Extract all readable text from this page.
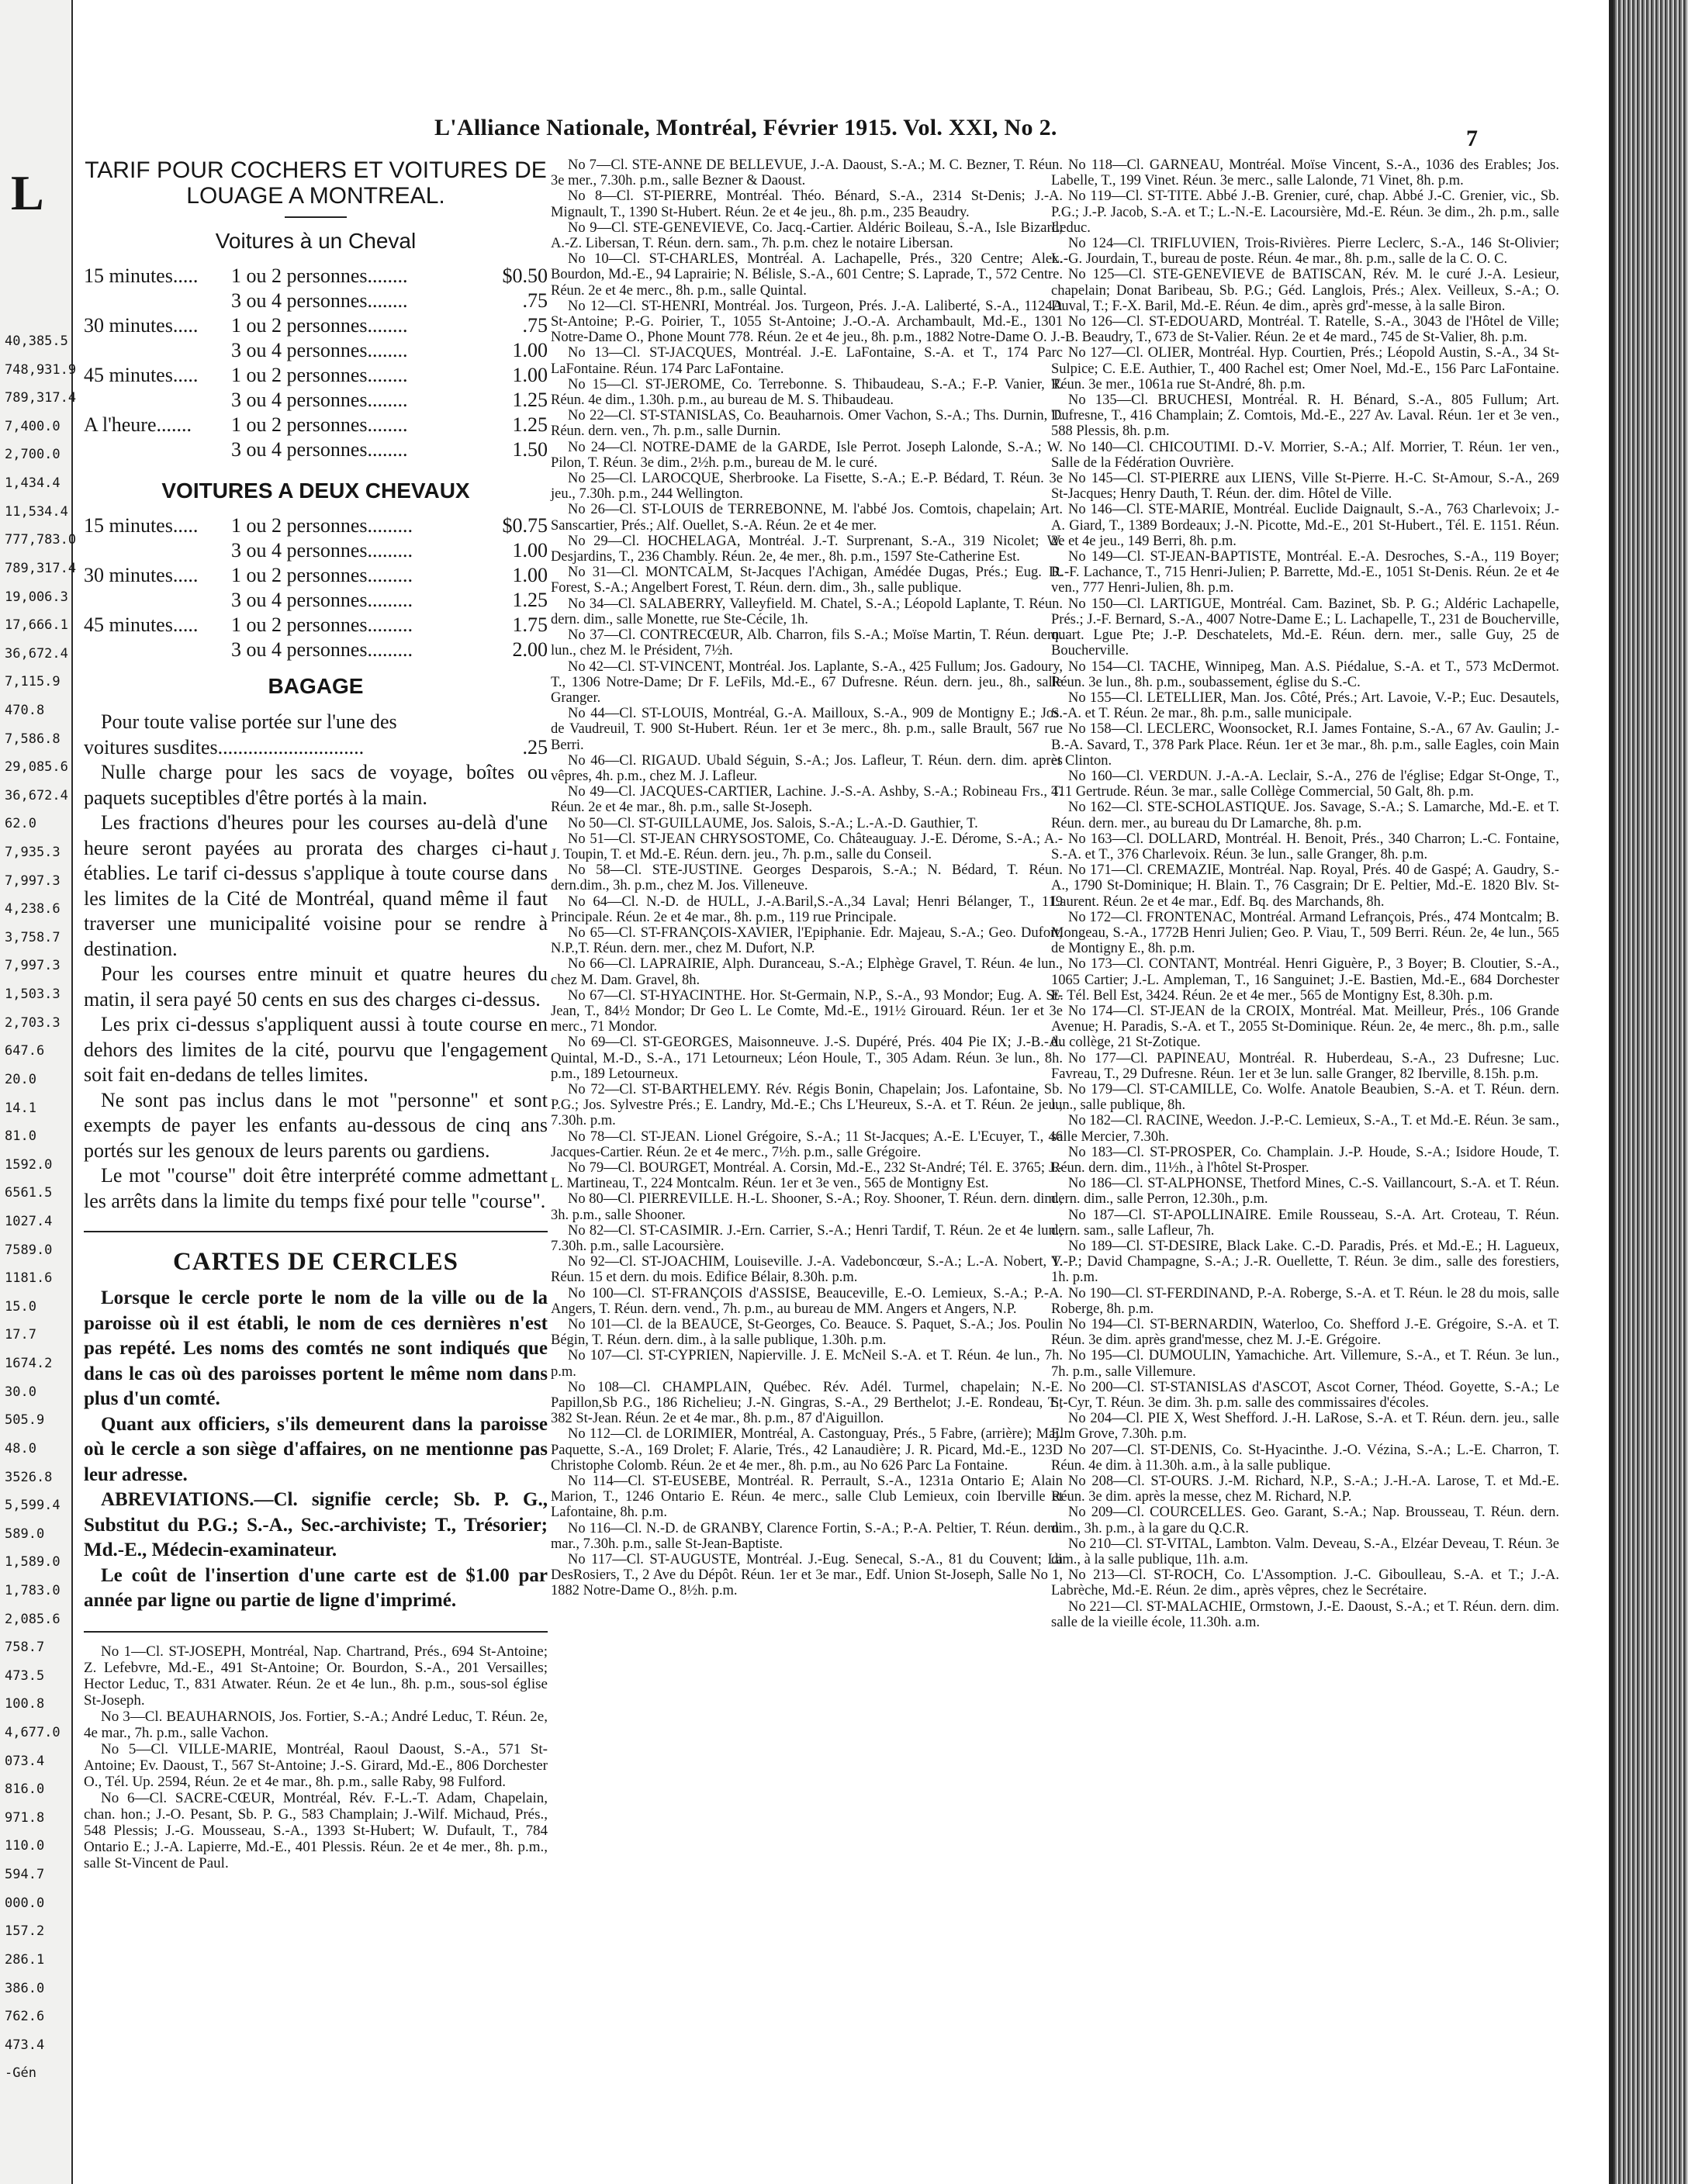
L
40,385.5
748,931.9
789,317.4
7,400.0
2,700.0
1,434.4
11,534.4
777,783.0
789,317.4
19,006.3
17,666.1
36,672.4
7,115.9
470.8
7,586.8
29,085.6
36,672.4
62.0
7,935.3
7,997.3
4,238.6
3,758.7
7,997.3
1,503.3
2,703.3
647.6
20.0
14.1
81.0
1592.0
6561.5
1027.4
7589.0
1181.6
15.0
17.7
1674.2
30.0
505.9
48.0
3526.8
5,599.4
589.0
1,589.0
1,783.0
2,085.6
758.7
473.5
100.8
4,677.0
073.4
816.0
971.8
110.0
594.7
000.0
157.2
286.1
386.0
762.6
473.4
-Gén
L'Alliance Nationale, Montréal, Février 1915. Vol. XXI, No 2.	7

TARIF POUR COCHERS ET VOITURES DE LOUAGE A MONTREAL.

Voitures à un Cheval
15 minutes.....	1 ou 2 personnes........	$0.50
3 ou 4 personnes........	.75
30 minutes.....	1 ou 2 personnes........	.75
3 ou 4 personnes........	1.00
45 minutes.....	1 ou 2 personnes........	1.00
3 ou 4 personnes........	1.25
A l'heure.......	1 ou 2 personnes........	1.25
3 ou 4 personnes........	1.50
VOITURES A DEUX CHEVAUX
15 minutes.....	1 ou 2 personnes.........	$0.75
3 ou 4 personnes.........	1.00
30 minutes.....	1 ou 2 personnes.........	1.00
3 ou 4 personnes.........	1.25
45 minutes.....	1 ou 2 personnes.........	1.75
3 ou 4 personnes.........	2.00
BAGAGE

Pour toute valise portée sur l'une des

voitures susdites.............................	.25

Nulle charge pour les sacs de voyage, boîtes ou paquets suceptibles d'être portés à la main.

Les fractions d'heures pour les courses au-delà d'une heure seront payées au prorata des charges ci-haut établies. Le tarif ci-dessus s'applique à toute course dans les limites de la Cité de Montréal, quand même il faut traverser une municipalité voisine pour se rendre à destination.

Pour les courses entre minuit et quatre heures du matin, il sera payé 50 cents en sus des charges ci-dessus.

Les prix ci-dessus s'appliquent aussi à toute course en dehors des limites de la cité, pourvu que l'engagement soit fait en-dedans de telles limites.

Ne sont pas inclus dans le mot "personne" et sont exempts de payer les enfants au-dessous de cinq ans portés sur les genoux de leurs parents ou gardiens.

Le mot "course" doit être interprété comme admettant les arrêts dans la limite du temps fixé pour telle "course".

CARTES DE CERCLES

Lorsque le cercle porte le nom de la ville ou de la paroisse où il est établi, le nom de ces dernières n'est pas repété. Les noms des comtés ne sont indiqués que dans le cas où des paroisses portent le même nom dans plus d'un comté.

Quant aux officiers, s'ils demeurent dans la paroisse où le cercle a son siège d'affaires, on ne mentionne pas leur adresse.

ABREVIATIONS.—Cl. signifie cercle; Sb. P. G., Substitut du P.G.; S.-A., Sec.-archiviste; T., Trésorier; Md.-E., Médecin-examinateur.

Le coût de l'insertion d'une carte est de $1.00 par année par ligne ou partie de ligne d'imprimé.

No 1—Cl. ST-JOSEPH, Montréal, Nap. Chartrand, Prés., 694 St-Antoine; Z. Lefebvre, Md.-E., 491 St-Antoine; Or. Bourdon, S.-A., 201 Versailles; Hector Leduc, T., 831 Atwater. Réun. 2e et 4e lun., 8h. p.m., sous-sol église St-Joseph.

No 3—Cl. BEAUHARNOIS, Jos. Fortier, S.-A.; André Leduc, T. Réun. 2e, 4e mar., 7h. p.m., salle Vachon.

No 5—Cl. VILLE-MARIE, Montréal, Raoul Daoust, S.-A., 571 St-Antoine; Ev. Daoust, T., 567 St-Antoine; J.-S. Girard, Md.-E., 806 Dorchester O., Tél. Up. 2594, Réun. 2e et 4e mar., 8h. p.m., salle Raby, 98 Fulford.

No 6—Cl. SACRE-CŒUR, Montréal, Rév. F.-L.-T. Adam, Chapelain, chan. hon.; J.-O. Pesant, Sb. P. G., 583 Champlain; J.-Wilf. Michaud, Prés., 548 Plessis; J.-G. Mousseau, S.-A., 1393 St-Hubert; W. Dufault, T., 784 Ontario E.; J.-A. Lapierre, Md.-E., 401 Plessis. Réun. 2e et 4e mer., 8h. p.m., salle St-Vincent de Paul.

No 7—Cl. STE-ANNE DE BELLEVUE, J.-A. Daoust, S.-A.; M. C. Bezner, T. Réun. 3e mer., 7.30h. p.m., salle Bezner & Daoust.

No 8—Cl. ST-PIERRE, Montréal. Théo. Bénard, S.-A., 2314 St-Denis; J.-A. Mignault, T., 1390 St-Hubert. Réun. 2e et 4e jeu., 8h. p.m., 235 Beaudry.

No 9—Cl. STE-GENEVIEVE, Co. Jacq.-Cartier. Aldéric Boileau, S.-A., Isle Bizard; A.-Z. Libersan, T. Réun. dern. sam., 7h. p.m. chez le notaire Libersan.

No 10—Cl. ST-CHARLES, Montréal. A. Lachapelle, Prés., 320 Centre; Alex. Bourdon, Md.-E., 94 Laprairie; N. Bélisle, S.-A., 601 Centre; S. Laprade, T., 572 Centre. Réun. 2e et 4e merc., 8h. p.m., salle Quintal.

No 12—Cl. ST-HENRI, Montréal. Jos. Turgeon, Prés. J.-A. Laliberté, S.-A., 1124A St-Antoine; P.-G. Poirier, T., 1055 St-Antoine; J.-O.-A. Archambault, Md.-E., 1301 Notre-Dame O., Phone Mount 778. Réun. 2e et 4e jeu., 8h. p.m., 1882 Notre-Dame O.

No 13—Cl. ST-JACQUES, Montréal. J.-E. LaFontaine, S.-A. et T., 174 Parc LaFontaine. Réun. 174 Parc LaFontaine.

No 15—Cl. ST-JEROME, Co. Terrebonne. S. Thibaudeau, S.-A.; F.-P. Vanier, T. Réun. 4e dim., 1.30h. p.m., au bureau de M. S. Thibaudeau.

No 22—Cl. ST-STANISLAS, Co. Beauharnois. Omer Vachon, S.-A.; Ths. Durnin, T. Réun. dern. ven., 7h. p.m., salle Durnin.

No 24—Cl. NOTRE-DAME de la GARDE, Isle Perrot. Joseph Lalonde, S.-A.; W. Pilon, T. Réun. 3e dim., 2½h. p.m., bureau de M. le curé.

No 25—Cl. LAROCQUE, Sherbrooke. La Fisette, S.-A.; E.-P. Bédard, T. Réun. 3e jeu., 7.30h. p.m., 244 Wellington.

No 26—Cl. ST-LOUIS de TERREBONNE, M. l'abbé Jos. Comtois, chapelain; Art. Sanscartier, Prés.; Alf. Ouellet, S.-A. Réun. 2e et 4e mer.

No 29—Cl. HOCHELAGA, Montréal. J.-T. Surprenant, S.-A., 319 Nicolet; W. Desjardins, T., 236 Chambly. Réun. 2e, 4e mer., 8h. p.m., 1597 Ste-Catherine Est.

No 31—Cl. MONTCALM, St-Jacques l'Achigan, Amédée Dugas, Prés.; Eug. D. Forest, S.-A.; Angelbert Forest, T. Réun. dern. dim., 3h., salle publique.

No 34—Cl. SALABERRY, Valleyfield. M. Chatel, S.-A.; Léopold Laplante, T. Réun. dern. dim., salle Monette, rue Ste-Cécile, 1h.

No 37—Cl. CONTRECŒUR, Alb. Charron, fils S.-A.; Moïse Martin, T. Réun. dern. lun., chez M. le Président, 7½h.

No 42—Cl. ST-VINCENT, Montréal. Jos. Laplante, S.-A., 425 Fullum; Jos. Gadoury, T., 1306 Notre-Dame; Dr F. LeFils, Md.-E., 67 Dufresne. Réun. dern. jeu., 8h., salle Granger.

No 44—Cl. ST-LOUIS, Montréal, G.-A. Mailloux, S.-A., 909 de Montigny E.; Jos. de Vaudreuil, T. 900 St-Hubert. Réun. 1er et 3e merc., 8h. p.m., salle Brault, 567 rue Berri.

No 46—Cl. RIGAUD. Ubald Séguin, S.-A.; Jos. Lafleur, T. Réun. dern. dim. après vêpres, 4h. p.m., chez M. J. Lafleur.

No 49—Cl. JACQUES-CARTIER, Lachine. J.-S.-A. Ashby, S.-A.; Robineau Frs., T. Réun. 2e et 4e mar., 8h. p.m., salle St-Joseph.

No 50—Cl. ST-GUILLAUME, Jos. Salois, S.-A.; L.-A.-D. Gauthier, T.

No 51—Cl. ST-JEAN CHRYSOSTOME, Co. Châteauguay. J.-E. Dérome, S.-A.; A.-J. Toupin, T. et Md.-E. Réun. dern. jeu., 7h. p.m., salle du Conseil.

No 58—Cl. STE-JUSTINE. Georges Desparois, S.-A.; N. Bédard, T. Réun. dern.dim., 3h. p.m., chez M. Jos. Villeneuve.

No 64—Cl. N.-D. de HULL, J.-A.Baril,S.-A.,34 Laval; Henri Bélanger, T., 119 Principale. Réun. 2e et 4e mar., 8h. p.m., 119 rue Principale.

No 65—Cl. ST-FRANÇOIS-XAVIER, l'Epiphanie. Edr. Majeau, S.-A.; Geo. Dufort, N.P.,T. Réun. dern. mer., chez M. Dufort, N.P.

No 66—Cl. LAPRAIRIE, Alph. Duranceau, S.-A.; Elphège Gravel, T. Réun. 4e lun., chez M. Dam. Gravel, 8h.

No 67—Cl. ST-HYACINTHE. Hor. St-Germain, N.P., S.-A., 93 Mondor; Eug. A. St-Jean, T., 84½ Mondor; Dr Geo L. Le Comte, Md.-E., 191½ Girouard. Réun. 1er et 3e merc., 71 Mondor.

No 69—Cl. ST-GEORGES, Maisonneuve. J.-S. Dupéré, Prés. 404 Pie IX; J.-B.-A. Quintal, M.-D., S.-A., 171 Letourneux; Léon Houle, T., 305 Adam. Réun. 3e lun., 8h. p.m., 189 Letourneux.

No 72—Cl. ST-BARTHELEMY. Rév. Régis Bonin, Chapelain; Jos. Lafontaine, Sb. P.G.; Jos. Sylvestre Prés.; E. Landry, Md.-E.; Chs L'Heureux, S.-A. et T. Réun. 2e jeu., 7.30h. p.m.

No 78—Cl. ST-JEAN. Lionel Grégoire, S.-A.; 11 St-Jacques; A.-E. L'Ecuyer, T., 46 Jacques-Cartier. Réun. 2e et 4e merc., 7½h. p.m., salle Grégoire.

No 79—Cl. BOURGET, Montréal. A. Corsin, Md.-E., 232 St-André; Tél. E. 3765; J.-L. Martineau, T., 224 Montcalm. Réun. 1er et 3e ven., 565 de Montigny Est.

No 80—Cl. PIERREVILLE. H.-L. Shooner, S.-A.; Roy. Shooner, T. Réun. dern. dim., 3h. p.m., salle Shooner.

No 82—Cl. ST-CASIMIR. J.-Ern. Carrier, S.-A.; Henri Tardif, T. Réun. 2e et 4e lun., 7.30h. p.m., salle Lacoursière.

No 92—Cl. ST-JOACHIM, Louiseville. J.-A. Vadeboncœur, S.-A.; L.-A. Nobert, T. Réun. 15 et dern. du mois. Edifice Bélair, 8.30h. p.m.

No 100—Cl. ST-FRANÇOIS d'ASSISE, Beauceville, E.-O. Lemieux, S.-A.; P.-A. Angers, T. Réun. dern. vend., 7h. p.m., au bureau de MM. Angers et Angers, N.P.

No 101—Cl. de la BEAUCE, St-Georges, Co. Beauce. S. Paquet, S.-A.; Jos. Poulin Bégin, T. Réun. dern. dim., à la salle publique, 1.30h. p.m.

No 107—Cl. ST-CYPRIEN, Napierville. J. E. McNeil S.-A. et T. Réun. 4e lun., 7h. p.m.

No 108—Cl. CHAMPLAIN, Québec. Rév. Adél. Turmel, chapelain; N.-E. Papillon,Sb P.G., 186 Richelieu; J.-N. Gingras, S.-A., 29 Berthelot; J.-E. Rondeau, T., 382 St-Jean. Réun. 2e et 4e mar., 8h. p.m., 87 d'Aiguillon.

No 112—Cl. de LORIMIER, Montréal, A. Castonguay, Prés., 5 Fabre, (arrière); Maj. Paquette, S.-A., 169 Drolet; F. Alarie, Trés., 42 Lanaudière; J. R. Picard, Md.-E., 123D Christophe Colomb. Réun. 2e et 4e mer., 8h. p.m., au No 626 Parc La Fontaine.

No 114—Cl. ST-EUSEBE, Montréal. R. Perrault, S.-A., 1231a Ontario E; Alain Marion, T., 1246 Ontario E. Réun. 4e merc., salle Club Lemieux, coin Iberville et Lafontaine, 8h. p.m.

No 116—Cl. N.-D. de GRANBY, Clarence Fortin, S.-A.; P.-A. Peltier, T. Réun. dern. mar., 7.30h. p.m., salle St-Jean-Baptiste.

No 117—Cl. ST-AUGUSTE, Montréal. J.-Eug. Senecal, S.-A., 81 du Couvent; La DesRosiers, T., 2 Ave du Dépôt. Réun. 1er et 3e mar., Edf. Union St-Joseph, Salle No 1, 1882 Notre-Dame O., 8½h. p.m.

No 118—Cl. GARNEAU, Montréal. Moïse Vincent, S.-A., 1036 des Erables; Jos. Labelle, T., 199 Vinet. Réun. 3e merc., salle Lalonde, 71 Vinet, 8h. p.m.

No 119—Cl. ST-TITE. Abbé J.-B. Grenier, curé, chap. Abbé J.-C. Grenier, vic., Sb. P.G.; J.-P. Jacob, S.-A. et T.; L.-N.-E. Lacoursière, Md.-E. Réun. 3e dim., 2h. p.m., salle Leduc.

No 124—Cl. TRIFLUVIEN, Trois-Rivières. Pierre Leclerc, S.-A., 146 St-Olivier; L.-G. Jourdain, T., bureau de poste. Réun. 4e mar., 8h. p.m., salle de la C. O. C.

No 125—Cl. STE-GENEVIEVE de BATISCAN, Rév. M. le curé J.-A. Lesieur, chapelain; Donat Baribeau, Sb. P.G.; Géd. Langlois, Prés.; Alex. Veilleux, S.-A.; O. Duval, T.; F.-X. Baril, Md.-E. Réun. 4e dim., après grd'-messe, à la salle Biron.

No 126—Cl. ST-EDOUARD, Montréal. T. Ratelle, S.-A., 3043 de l'Hôtel de Ville; J.-B. Beaudry, T., 673 de St-Valier. Réun. 2e et 4e mard., 745 de St-Valier, 8h. p.m.

No 127—Cl. OLIER, Montréal. Hyp. Courtien, Prés.; Léopold Austin, S.-A., 34 St-Sulpice; C. E.E. Authier, T., 400 Rachel est; Omer Noel, Md.-E., 156 Parc LaFontaine. Réun. 3e mer., 1061a rue St-André, 8h. p.m.

No 135—Cl. BRUCHESI, Montréal. R. H. Bénard, S.-A., 805 Fullum; Art. Dufresne, T., 416 Champlain; Z. Comtois, Md.-E., 227 Av. Laval. Réun. 1er et 3e ven., 588 Plessis, 8h. p.m.

No 140—Cl. CHICOUTIMI. D.-V. Morrier, S.-A.; Alf. Morrier, T. Réun. 1er ven., Salle de la Fédération Ouvrière.

No 145—Cl. ST-PIERRE aux LIENS, Ville St-Pierre. H.-C. St-Amour, S.-A., 269 St-Jacques; Henry Dauth, T. Réun. der. dim. Hôtel de Ville.

No 146—Cl. STE-MARIE, Montréal. Euclide Daignault, S.-A., 763 Charlevoix; J.-A. Giard, T., 1389 Bordeaux; J.-N. Picotte, Md.-E., 201 St-Hubert., Tél. E. 1151. Réun. 2e et 4e jeu., 149 Berri, 8h. p.m.

No 149—Cl. ST-JEAN-BAPTISTE, Montréal. E.-A. Desroches, S.-A., 119 Boyer; R.-F. Lachance, T., 715 Henri-Julien; P. Barrette, Md.-E., 1051 St-Denis. Réun. 2e et 4e ven., 777 Henri-Julien, 8h. p.m.

No 150—Cl. LARTIGUE, Montréal. Cam. Bazinet, Sb. P. G.; Aldéric Lachapelle, Prés.; J.-F. Bernard, S.-A., 4007 Notre-Dame E.; L. Lachapelle, T., 231 de Boucherville, quart. Lgue Pte; J.-P. Deschatelets, Md.-E. Réun. dern. mer., salle Guy, 25 de Boucherville.

No 154—Cl. TACHE, Winnipeg, Man. A.S. Piédalue, S.-A. et T., 573 McDermot. Réun. 3e lun., 8h. p.m., soubassement, église du S.-C.

No 155—Cl. LETELLIER, Man. Jos. Côté, Prés.; Art. Lavoie, V.-P.; Euc. Desautels, S.-A. et T. Réun. 2e mar., 8h. p.m., salle municipale.

No 158—Cl. LECLERC, Woonsocket, R.I. James Fontaine, S.-A., 67 Av. Gaulin; J.-B.-A. Savard, T., 378 Park Place. Réun. 1er et 3e mar., 8h. p.m., salle Eagles, coin Main et Clinton.

No 160—Cl. VERDUN. J.-A.-A. Leclair, S.-A., 276 de l'église; Edgar St-Onge, T., 411 Gertrude. Réun. 3e mar., salle Collège Commercial, 50 Galt, 8h. p.m.

No 162—Cl. STE-SCHOLASTIQUE. Jos. Savage, S.-A.; S. Lamarche, Md.-E. et T. Réun. dern. mer., au bureau du Dr Lamarche, 8h. p.m.

No 163—Cl. DOLLARD, Montréal. H. Benoit, Prés., 340 Charron; L.-C. Fontaine, S.-A. et T., 376 Charlevoix. Réun. 3e lun., salle Granger, 8h. p.m.

No 171—Cl. CREMAZIE, Montréal. Nap. Royal, Prés. 40 de Gaspé; A. Gaudry, S.-A., 1790 St-Dominique; H. Blain. T., 76 Casgrain; Dr E. Peltier, Md.-E. 1820 Blv. St-Laurent. Réun. 2e et 4e mar., Edf. Bq. des Marchands, 8h.

No 172—Cl. FRONTENAC, Montréal. Armand Lefrançois, Prés., 474 Montcalm; B. Mongeau, S.-A., 1772B Henri Julien; Geo. P. Viau, T., 509 Berri. Réun. 2e, 4e lun., 565 de Montigny E., 8h. p.m.

No 173—Cl. CONTANT, Montréal. Henri Giguère, P., 3 Boyer; B. Cloutier, S.-A., 1065 Cartier; J.-L. Ampleman, T., 16 Sanguinet; J.-E. Bastien, Md.-E., 684 Dorchester E. Tél. Bell Est, 3424. Réun. 2e et 4e mer., 565 de Montigny Est, 8.30h. p.m.

No 174—Cl. ST-JEAN de la CROIX, Montréal. Mat. Meilleur, Prés., 106 Grande Avenue; H. Paradis, S.-A. et T., 2055 St-Dominique. Réun. 2e, 4e merc., 8h. p.m., salle du collège, 21 St-Zotique.

No 177—Cl. PAPINEAU, Montréal. R. Huberdeau, S.-A., 23 Dufresne; Luc. Favreau, T., 29 Dufresne. Réun. 1er et 3e lun. salle Granger, 82 Iberville, 8.15h. p.m.

No 179—Cl. ST-CAMILLE, Co. Wolfe. Anatole Beaubien, S.-A. et T. Réun. dern. lun., salle publique, 8h.

No 182—Cl. RACINE, Weedon. J.-P.-C. Lemieux, S.-A., T. et Md.-E. Réun. 3e sam., salle Mercier, 7.30h.

No 183—Cl. ST-PROSPER, Co. Champlain. J.-P. Houde, S.-A.; Isidore Houde, T. Réun. dern. dim., 11½h., à l'hôtel St-Prosper.

No 186—Cl. ST-ALPHONSE, Thetford Mines, C.-S. Vaillancourt, S.-A. et T. Réun. dern. dim., salle Perron, 12.30h., p.m.

No 187—Cl. ST-APOLLINAIRE. Emile Rousseau, S.-A. Art. Croteau, T. Réun. dern. sam., salle Lafleur, 7h.

No 189—Cl. ST-DESIRE, Black Lake. C.-D. Paradis, Prés. et Md.-E.; H. Lagueux, V.-P.; David Champagne, S.-A.; J.-R. Ouellette, T. Réun. 3e dim., salle des forestiers, 1h. p.m.

No 190—Cl. ST-FERDINAND, P.-A. Roberge, S.-A. et T. Réun. le 28 du mois, salle Roberge, 8h. p.m.

No 194—Cl. ST-BERNARDIN, Waterloo, Co. Shefford J.-E. Grégoire, S.-A. et T. Réun. 3e dim. après grand'messe, chez M. J.-E. Grégoire.

No 195—Cl. DUMOULIN, Yamachiche. Art. Villemure, S.-A., et T. Réun. 3e lun., 7h. p.m., salle Villemure.

No 200—Cl. ST-STANISLAS d'ASCOT, Ascot Corner, Théod. Goyette, S.-A.; Le St-Cyr, T. Réun. 3e dim. 3h. p.m. salle des commissaires d'écoles.

No 204—Cl. PIE X, West Shefford. J.-H. LaRose, S.-A. et T. Réun. dern. jeu., salle Elm Grove, 7.30h. p.m.

No 207—Cl. ST-DENIS, Co. St-Hyacinthe. J.-O. Vézina, S.-A.; L.-E. Charron, T. Réun. 4e dim. à 11.30h. a.m., à la salle publique.

No 208—Cl. ST-OURS. J.-M. Richard, N.P., S.-A.; J.-H.-A. Larose, T. et Md.-E. Réun. 3e dim. après la messe, chez M. Richard, N.P.

No 209—Cl. COURCELLES. Geo. Garant, S.-A.; Nap. Brousseau, T. Réun. dern. dim., 3h. p.m., à la gare du Q.C.R.

No 210—Cl. ST-VITAL, Lambton. Valm. Deveau, S.-A., Elzéar Deveau, T. Réun. 3e dim., à la salle publique, 11h. a.m.

No 213—Cl. ST-ROCH, Co. L'Assomption. J.-C. Giboulleau, S.-A. et T.; J.-A. Labrèche, Md.-E. Réun. 2e dim., après vêpres, chez le Secrétaire.

No 221—Cl. ST-MALACHIE, Ormstown, J.-E. Daoust, S.-A.; et T. Réun. dern. dim. salle de la vieille école, 11.30h. a.m.
